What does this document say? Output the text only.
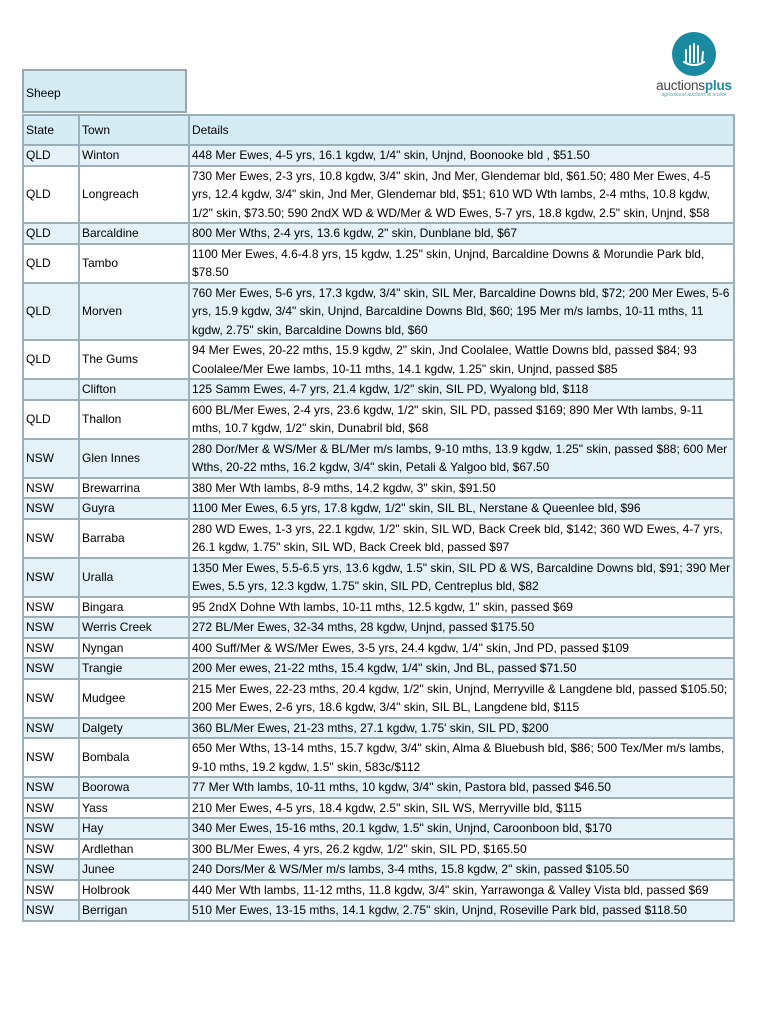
auctionsplus
agricultural auctions at a click
Sheep
State	Town	Details
QLD	Winton	448 Mer Ewes, 4-5 yrs, 16.1 kgdw, 1/4" skin, Unjnd, Boonooke bld , $51.50
QLD	Longreach	730 Mer Ewes, 2-3 yrs, 10.8 kgdw, 3/4" skin, Jnd Mer, Glendemar bld, $61.50; 480 Mer Ewes, 4-5 yrs, 12.4 kgdw, 3/4" skin, Jnd Mer, Glendemar bld, $51; 610 WD Wth lambs, 2-4 mths, 10.8 kgdw, 1/2" skin, $73.50; 590 2ndX WD & WD/Mer & WD Ewes, 5-7 yrs, 18.8 kgdw, 2.5" skin, Unjnd, $58
QLD	Barcaldine	800 Mer Wths, 2-4 yrs, 13.6 kgdw, 2" skin, Dunblane bld, $67
QLD	Tambo	1100 Mer Ewes, 4.6-4.8 yrs, 15 kgdw, 1.25" skin, Unjnd, Barcaldine Downs & Morundie Park bld, $78.50
QLD	Morven	760 Mer Ewes, 5-6 yrs, 17.3 kgdw, 3/4" skin, SIL Mer, Barcaldine Downs bld, $72; 200 Mer Ewes, 5-6 yrs, 15.9 kgdw, 3/4" skin, Unjnd, Barcaldine Downs Bld, $60; 195 Mer m/s lambs, 10-11 mths, 11 kgdw, 2.75" skin, Barcaldine Downs bld, $60
QLD	The Gums	94 Mer Ewes, 20-22 mths, 15.9 kgdw, 2" skin, Jnd Coolalee, Wattle Downs bld, passed $84; 93 Coolalee/Mer Ewe lambs, 10-11 mths, 14.1 kgdw, 1.25" skin, Unjnd, passed $85
	Clifton	125 Samm Ewes, 4-7 yrs, 21.4 kgdw, 1/2" skin, SIL PD, Wyalong bld, $118
QLD	Thallon	600 BL/Mer Ewes, 2-4 yrs, 23.6 kgdw, 1/2" skin, SIL PD, passed $169; 890 Mer Wth lambs, 9-11 mths, 10.7 kgdw, 1/2" skin, Dunabril bld, $68
NSW	Glen Innes	280 Dor/Mer & WS/Mer & BL/Mer m/s lambs, 9-10 mths, 13.9 kgdw, 1.25" skin, passed $88; 600 Mer Wths, 20-22 mths, 16.2 kgdw, 3/4" skin, Petali & Yalgoo bld, $67.50
NSW	Brewarrina	380 Mer Wth lambs, 8-9 mths, 14.2 kgdw, 3" skin, $91.50
NSW	Guyra	1100 Mer Ewes, 6.5 yrs, 17.8 kgdw, 1/2" skin, SIL BL, Nerstane & Queenlee bld, $96
NSW	Barraba	280 WD Ewes, 1-3 yrs, 22.1 kgdw, 1/2" skin, SIL WD, Back Creek bld, $142; 360 WD Ewes, 4-7 yrs, 26.1 kgdw, 1.75" skin, SIL WD, Back Creek bld, passed $97
NSW	Uralla	1350 Mer Ewes, 5.5-6.5 yrs, 13.6 kgdw, 1.5" skin, SIL PD & WS, Barcaldine Downs bld, $91; 390 Mer Ewes, 5.5 yrs, 12.3 kgdw, 1.75" skin, SIL PD, Centreplus bld, $82
NSW	Bingara	95 2ndX Dohne Wth lambs, 10-11 mths, 12.5 kgdw, 1" skin, passed $69
NSW	Werris Creek	272 BL/Mer Ewes, 32-34 mths, 28 kgdw, Unjnd, passed $175.50
NSW	Nyngan	400 Suff/Mer & WS/Mer Ewes, 3-5 yrs, 24.4 kgdw, 1/4" skin, Jnd PD, passed $109
NSW	Trangie	200 Mer ewes, 21-22 mths, 15.4 kgdw, 1/4" skin, Jnd BL, passed $71.50
NSW	Mudgee	215 Mer Ewes, 22-23 mths, 20.4 kgdw, 1/2" skin, Unjnd, Merryville & Langdene bld, passed $105.50; 200 Mer Ewes, 2-6 yrs, 18.6 kgdw, 3/4" skin, SIL BL, Langdene bld, $115
NSW	Dalgety	360 BL/Mer Ewes, 21-23 mths, 27.1 kgdw, 1.75' skin, SIL PD, $200
NSW	Bombala	650 Mer Wths, 13-14 mths, 15.7 kgdw, 3/4" skin, Alma & Bluebush bld, $86; 500 Tex/Mer m/s lambs, 9-10 mths, 19.2 kgdw, 1.5" skin, 583c/$112
NSW	Boorowa	77 Mer Wth lambs, 10-11 mths, 10 kgdw, 3/4" skin, Pastora bld, passed $46.50
NSW	Yass	210 Mer Ewes, 4-5 yrs, 18.4 kgdw, 2.5" skin, SIL WS, Merryville bld, $115
NSW	Hay	340 Mer Ewes, 15-16 mths, 20.1 kgdw, 1.5" skin, Unjnd, Caroonboon bld, $170
NSW	Ardlethan	300 BL/Mer Ewes, 4 yrs, 26.2 kgdw, 1/2" skin, SIL PD, $165.50
NSW	Junee	240 Dors/Mer & WS/Mer m/s lambs, 3-4 mths, 15.8 kgdw, 2" skin, passed $105.50
NSW	Holbrook	440 Mer Wth lambs, 11-12 mths, 11.8 kgdw, 3/4" skin, Yarrawonga & Valley Vista bld, passed $69
NSW	Berrigan	510 Mer Ewes, 13-15 mths, 14.1 kgdw, 2.75" skin, Unjnd, Roseville Park bld, passed $118.50
